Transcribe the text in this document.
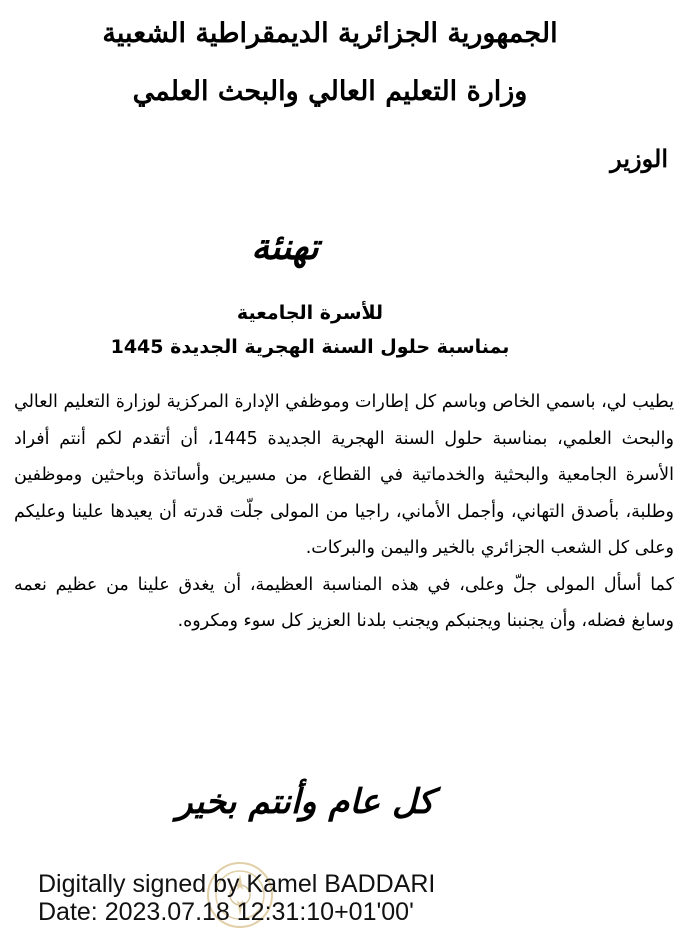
الجمهورية الجزائرية الديمقراطية الشعبية
وزارة التعليم العالي والبحث العلمي
الوزير
تهنئة
للأسرة الجامعية
بمناسبة حلول السنة الهجرية الجديدة 1445

يطيب لي، باسمي الخاص وباسم كل إطارات وموظفي الإدارة المركزية لوزارة التعليم العالي والبحث العلمي، بمناسبة حلول السنة الهجرية الجديدة 1445، أن أتقدم لكم أنتم أفراد الأسرة الجامعية والبحثية والخدماتية في القطاع، من مسيرين وأساتذة وباحثين وموظفين وطلبة، بأصدق التهاني، وأجمل الأماني، راجيا من المولى جلّت قدرته أن يعيدها علينا وعليكم وعلى كل الشعب الجزائري بالخير واليمن والبركات.

كما أسأل المولى جلّ وعلى، في هذه المناسبة العظيمة، أن يغدق علينا من عظيم نعمه وسابغ فضله، وأن يجنبنا ويجنبكم ويجنب بلدنا العزيز كل سوء ومكروه.

كل عام وأنتم بخير
Digitally signed by Kamel BADDARI
Date: 2023.07.18 12:31:10+01'00'
